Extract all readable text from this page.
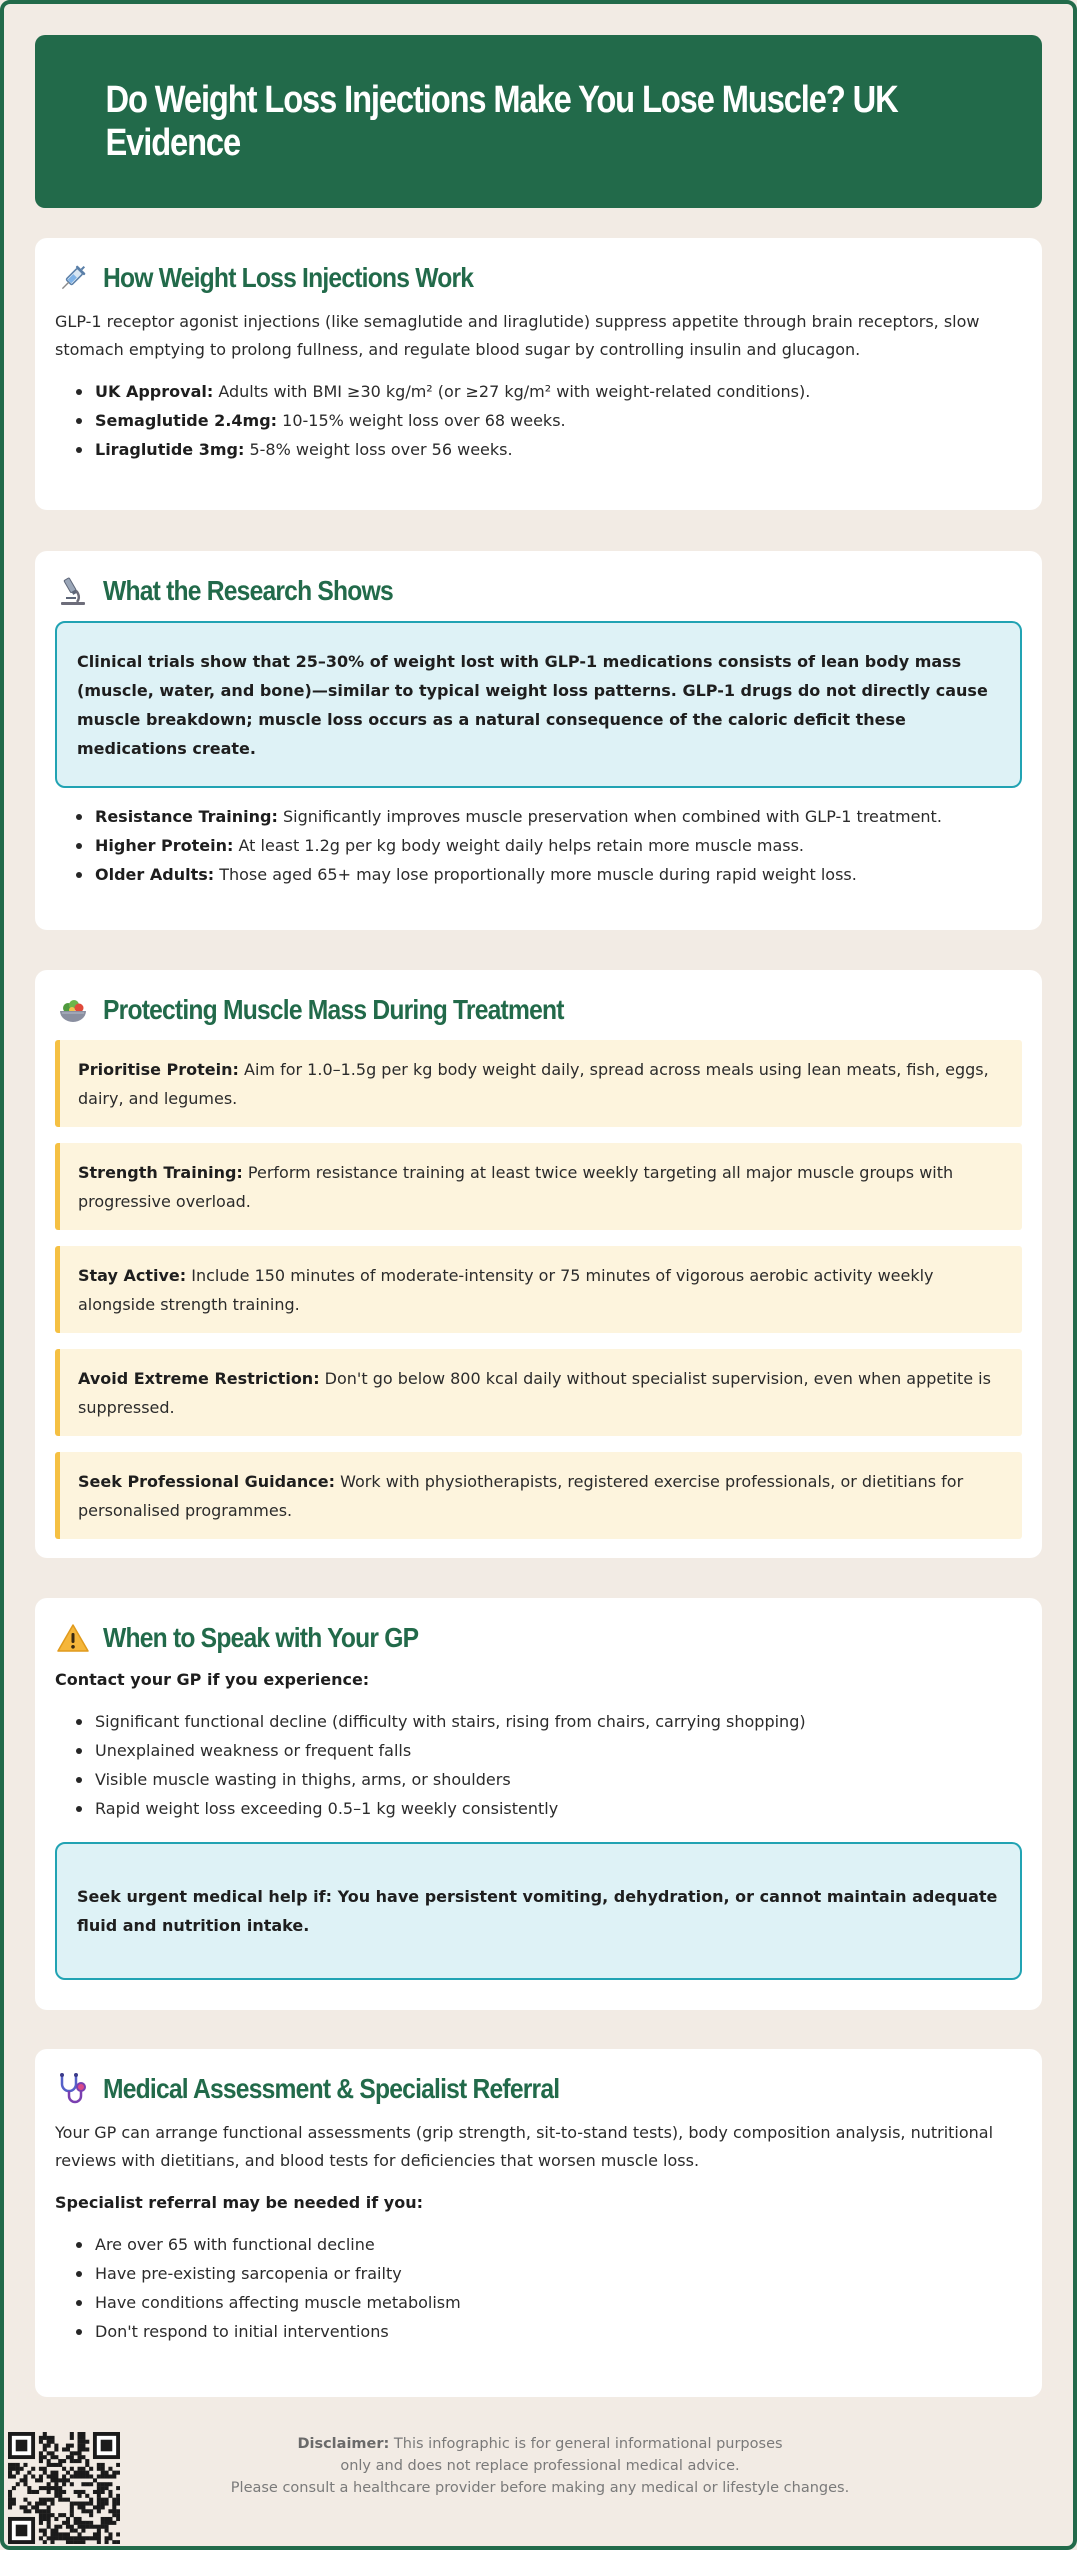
Do Weight Loss Injections Make You Lose Muscle? UK Evidence
How Weight Loss Injections Work

GLP-1 receptor agonist injections (like semaglutide and liraglutide) suppress appetite through brain receptors, slow stomach emptying to prolong fullness, and regulate blood sugar by controlling insulin and glucagon.

UK Approval: Adults with BMI ≥30 kg/m² (or ≥27 kg/m² with weight-related conditions).
Semaglutide 2.4mg: 10-15% weight loss over 68 weeks.
Liraglutide 3mg: 5-8% weight loss over 56 weeks.
What the Research Shows

Clinical trials show that 25–30% of weight lost with GLP-1 medications consists of lean body mass (muscle, water, and bone)—similar to typical weight loss patterns. GLP-1 drugs do not directly cause muscle breakdown; muscle loss occurs as a natural consequence of the caloric deficit these medications create.

Resistance Training: Significantly improves muscle preservation when combined with GLP-1 treatment.
Higher Protein: At least 1.2g per kg body weight daily helps retain more muscle mass.
Older Adults: Those aged 65+ may lose proportionally more muscle during rapid weight loss.
Protecting Muscle Mass During Treatment

Prioritise Protein: Aim for 1.0–1.5g per kg body weight daily, spread across meals using lean meats, fish, eggs, dairy, and legumes.

Strength Training: Perform resistance training at least twice weekly targeting all major muscle groups with progressive overload.

Stay Active: Include 150 minutes of moderate-intensity or 75 minutes of vigorous aerobic activity weekly alongside strength training.

Avoid Extreme Restriction: Don't go below 800 kcal daily without specialist supervision, even when appetite is suppressed.

Seek Professional Guidance: Work with physiotherapists, registered exercise professionals, or dietitians for personalised programmes.

When to Speak with Your GP

Contact your GP if you experience:

Significant functional decline (difficulty with stairs, rising from chairs, carrying shopping)
Unexplained weakness or frequent falls
Visible muscle wasting in thighs, arms, or shoulders
Rapid weight loss exceeding 0.5–1 kg weekly consistently

Seek urgent medical help if: You have persistent vomiting, dehydration, or cannot maintain adequate fluid and nutrition intake.

Medical Assessment & Specialist Referral

Your GP can arrange functional assessments (grip strength, sit-to-stand tests), body composition analysis, nutritional reviews with dietitians, and blood tests for deficiencies that worsen muscle loss.

Specialist referral may be needed if you:

Are over 65 with functional decline
Have pre-existing sarcopenia or frailty
Have conditions affecting muscle metabolism
Don't respond to initial interventions
Disclaimer: This infographic is for general informational purposes
only and does not replace professional medical advice.
Please consult a healthcare provider before making any medical or lifestyle changes.
